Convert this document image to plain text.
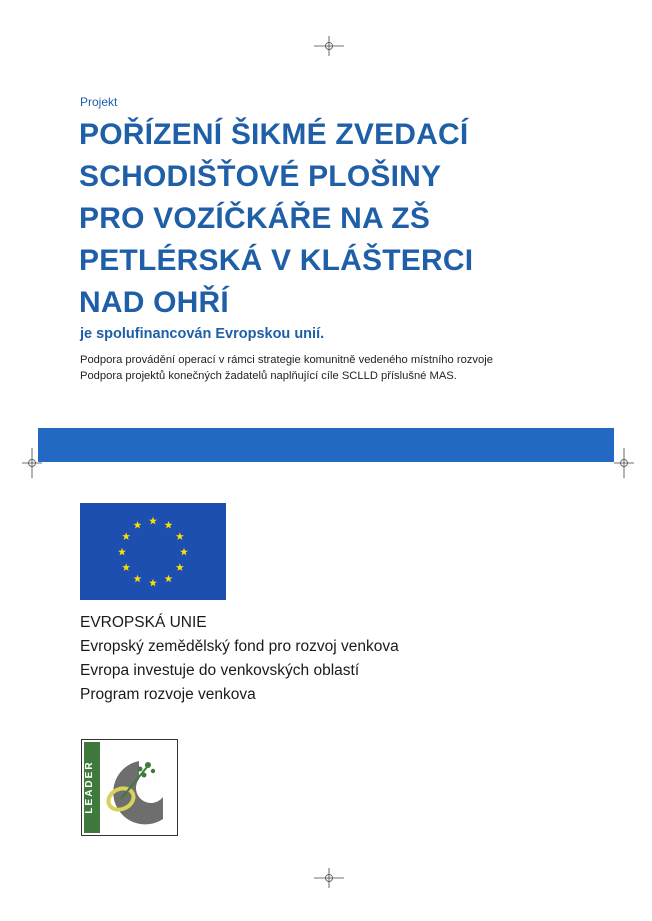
Projekt
POŘÍZENÍ ŠIKMÉ ZVEDACÍ
SCHODIŠŤOVÉ PLOŠINY
PRO VOZÍČKÁŘE NA ZŠ
PETLÉRSKÁ V KLÁŠTERCI
NAD OHŘÍ
je spolufinancován Evropskou unií.
Podpora provádění operací v rámci strategie komunitně vedeného místního rozvoje
Podpora projektů konečných žadatelů naplňující cíle SCLLD příslušné MAS.
EVROPSKÁ UNIE
Evropský zemědělský fond pro rozvoj venkova
Evropa investuje do venkovských oblastí
Program rozvoje venkova
LEADER
